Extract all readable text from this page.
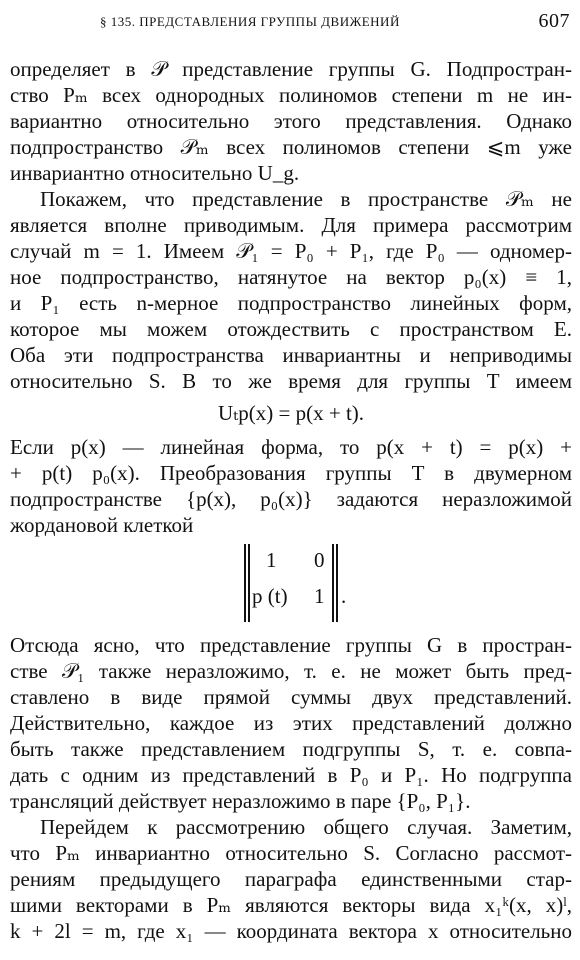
§ 135. ПРЕДСТАВЛЕНИЯ ГРУППЫ ДВИЖЕНИЙ	607
определяет в 𝒫 представление группы G. Подпростран-
ство Pₘ всех однородных полиномов степени m не ин-
вариантно относительно этого представления. Однако
подпространство 𝒫ₘ всех полиномов степени ⩽m уже
инвариантно относительно U_g.
Покажем, что представление в пространстве 𝒫ₘ не
является вполне приводимым. Для примера рассмотрим
случай m = 1. Имеем 𝒫₁ = P₀ + P₁, где P₀ — одномер-
ное подпространство, натянутое на вектор p₀(x) ≡ 1,
и P₁ есть n-мерное подпространство линейных форм,
которое мы можем отождествить с пространством E.
Оба эти подпространства инвариантны и неприводимы
относительно S. В то же время для группы T имеем
Uₜp(x) = p(x + t).
Если p(x) — линейная форма, то p(x + t) = p(x) +
+ p(t) p₀(x). Преобразования группы T в двумерном
подпространстве {p(x), p₀(x)} задаются неразложимой
жордановой клеткой
1 0
p (t) 1 .
Отсюда ясно, что представление группы G в простран-
стве 𝒫₁ также неразложимо, т. е. не может быть пред-
ставлено в виде прямой суммы двух представлений.
Действительно, каждое из этих представлений должно
быть также представлением подгруппы S, т. е. совпа-
дать с одним из представлений в P₀ и P₁. Но подгруппа
трансляций действует неразложимо в паре {P₀, P₁}.
Перейдем к рассмотрению общего случая. Заметим,
что Pₘ инвариантно относительно S. Согласно рассмот-
рениям предыдущего параграфа единственными стар-
шими векторами в Pₘ являются векторы вида x₁ᵏ(x, x)ˡ,
k + 2l = m, где x₁ — координата вектора x относительно
